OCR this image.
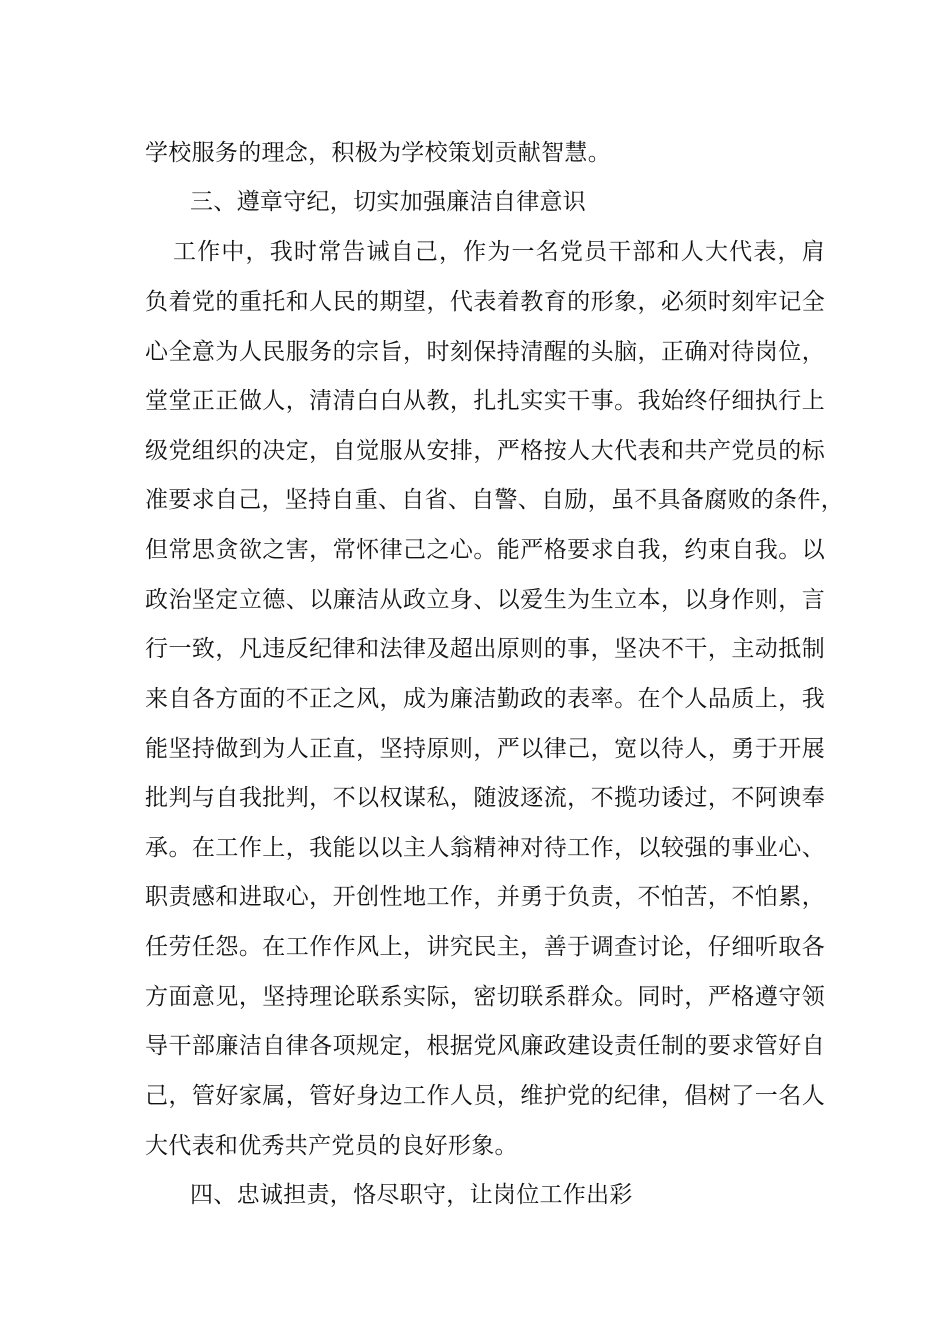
学校服务的理念，积极为学校策划贡献智慧。
三、遵章守纪，切实加强廉洁自律意识
工作中，我时常告诫自己，作为一名党员干部和人大代表，肩
负着党的重托和人民的期望，代表着教育的形象，必须时刻牢记全
心全意为人民服务的宗旨，时刻保持清醒的头脑，正确对待岗位，
堂堂正正做人，清清白白从教，扎扎实实干事。我始终仔细执行上
级党组织的决定，自觉服从安排，严格按人大代表和共产党员的标
准要求自己，坚持自重、自省、自警、自励，虽不具备腐败的条件，
但常思贪欲之害，常怀律己之心。能严格要求自我，约束自我。以
政治坚定立德、以廉洁从政立身、以爱生为生立本，以身作则，言
行一致，凡违反纪律和法律及超出原则的事，坚决不干，主动抵制
来自各方面的不正之风，成为廉洁勤政的表率。在个人品质上，我
能坚持做到为人正直，坚持原则，严以律己，宽以待人，勇于开展
批判与自我批判，不以权谋私，随波逐流，不揽功诿过，不阿谀奉
承。在工作上，我能以以主人翁精神对待工作，以较强的事业心、
职责感和进取心，开创性地工作，并勇于负责，不怕苦，不怕累，
任劳任怨。在工作作风上，讲究民主，善于调查讨论，仔细听取各
方面意见，坚持理论联系实际，密切联系群众。同时，严格遵守领
导干部廉洁自律各项规定，根据党风廉政建设责任制的要求管好自
己，管好家属，管好身边工作人员，维护党的纪律，倡树了一名人
大代表和优秀共产党员的良好形象。
四、忠诚担责，恪尽职守，让岗位工作出彩
